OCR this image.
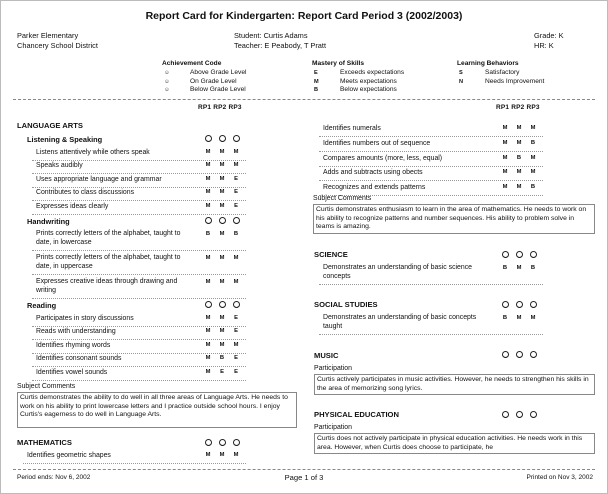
Report Card for Kindergarten: Report Card Period 3 (2002/2003)
Parker Elementary
Chancery School District
Student: Curtis Adams
Teacher: E Peabody, T Pratt
Grade: K
HR: K
Achievement Code
☺	Above Grade Level
☺	On Grade Level
☺	Below Grade Level
Mastery of Skills
E	Exceeds expectations
M	Meets expectations
B	Below expectations
Learning Behaviors
S	Satisfactory
N	Needs Improvement
Period ends: Nov 6, 2002	Page 1 of 3	Printed on Nov 3, 2002
RP1 RP2 RP3
LANGUAGE ARTS
Listening & Speaking
Listens attentively while others speak	M	M	M
Speaks audibly	M	M	M
Uses appropriate language and grammar	M	M	E
Contributes to class discussions	M	M	E
Expresses ideas clearly	M	M	E
Handwriting
Prints correctly letters of the alphabet, taught to date, in lowercase
B	M	B
Prints correctly letters of the alphabet, taught to date, in uppercase
M	M	M
Expresses creative ideas through drawing and writing
M	M	M
Reading
Participates in story discussions	M	M	E
Reads with understanding	M	M	E
Identifies rhyming words	M	M	M
Identifies consonant sounds	M	B	E
Identifies vowel sounds	M	E	E
Subject Comments
Curtis demonstrates the ability to do well in all three areas of Language Arts. He needs to work on his ability to print lowercase letters and I practice outside school hours. I enjoy Curtis's eagerness to do well in Language Arts.
MATHEMATICS
Identifies geometric shapes	M	M	M
RP1 RP2 RP3
Identifies numerals	M	M	M
Identifies numbers out of sequence	M	M	B
Compares amounts (more, less, equal)	M	B	M
Adds and subtracts using obects	M	M	M
Recognizes and extends patterns	M	M	B
Subject Comments
Curtis demonstrates enthusiasm to learn in the area of mathematics. He needs to work on his ability to recognize patterns and number sequences. His ability to problem solve in teams is amazing.
SCIENCE
Demonstrates an understanding of basic science concepts
B	M	B
SOCIAL STUDIES
Demonstrates an understanding of basic concepts taught
B	M	M
MUSIC
Participation
Curtis actively participates in music activities. However, he needs to strengthen his skills in the area of memorizing song lyrics.
PHYSICAL EDUCATION
Participation
Curtis does not actively participate in physical education activities. He needs work in this area. However, when Curtis does choose to participate, he
